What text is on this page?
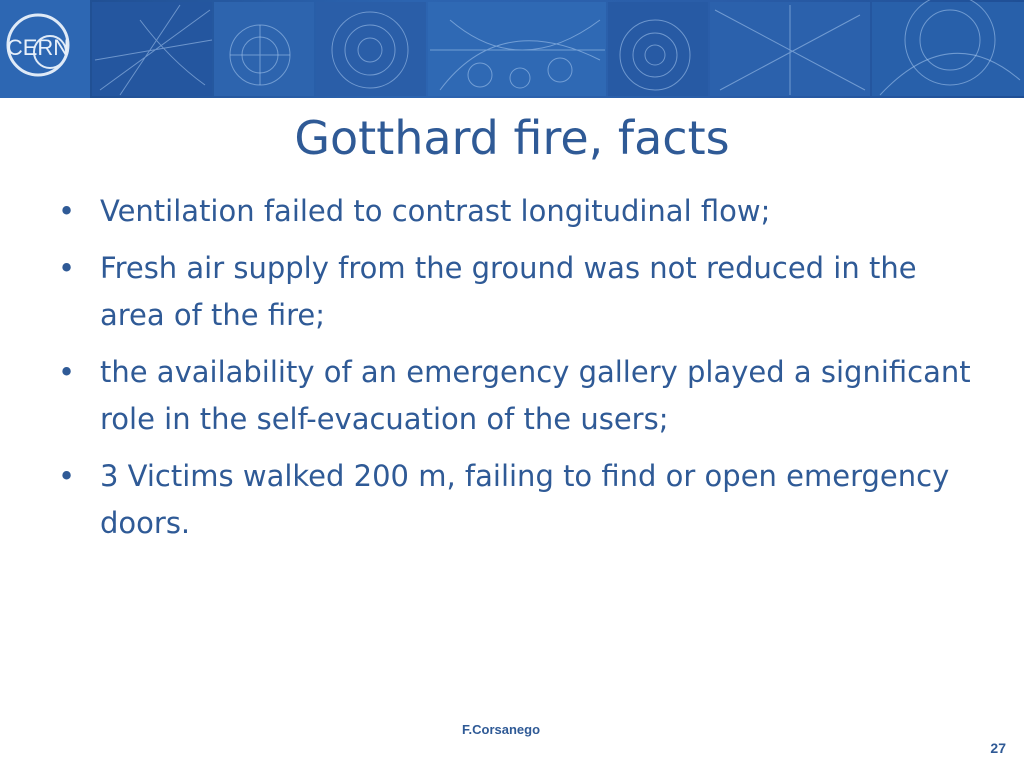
CERN
Gotthard fire, facts
• Ventilation failed to contrast longitudinal flow;
• Fresh air supply from the ground was not reduced in the area of the fire;
• the availability of an emergency gallery played a significant role in the self-evacuation of the users;
• 3 Victims walked 200 m, failing to find or open emergency doors.
F.Corsanego
27
